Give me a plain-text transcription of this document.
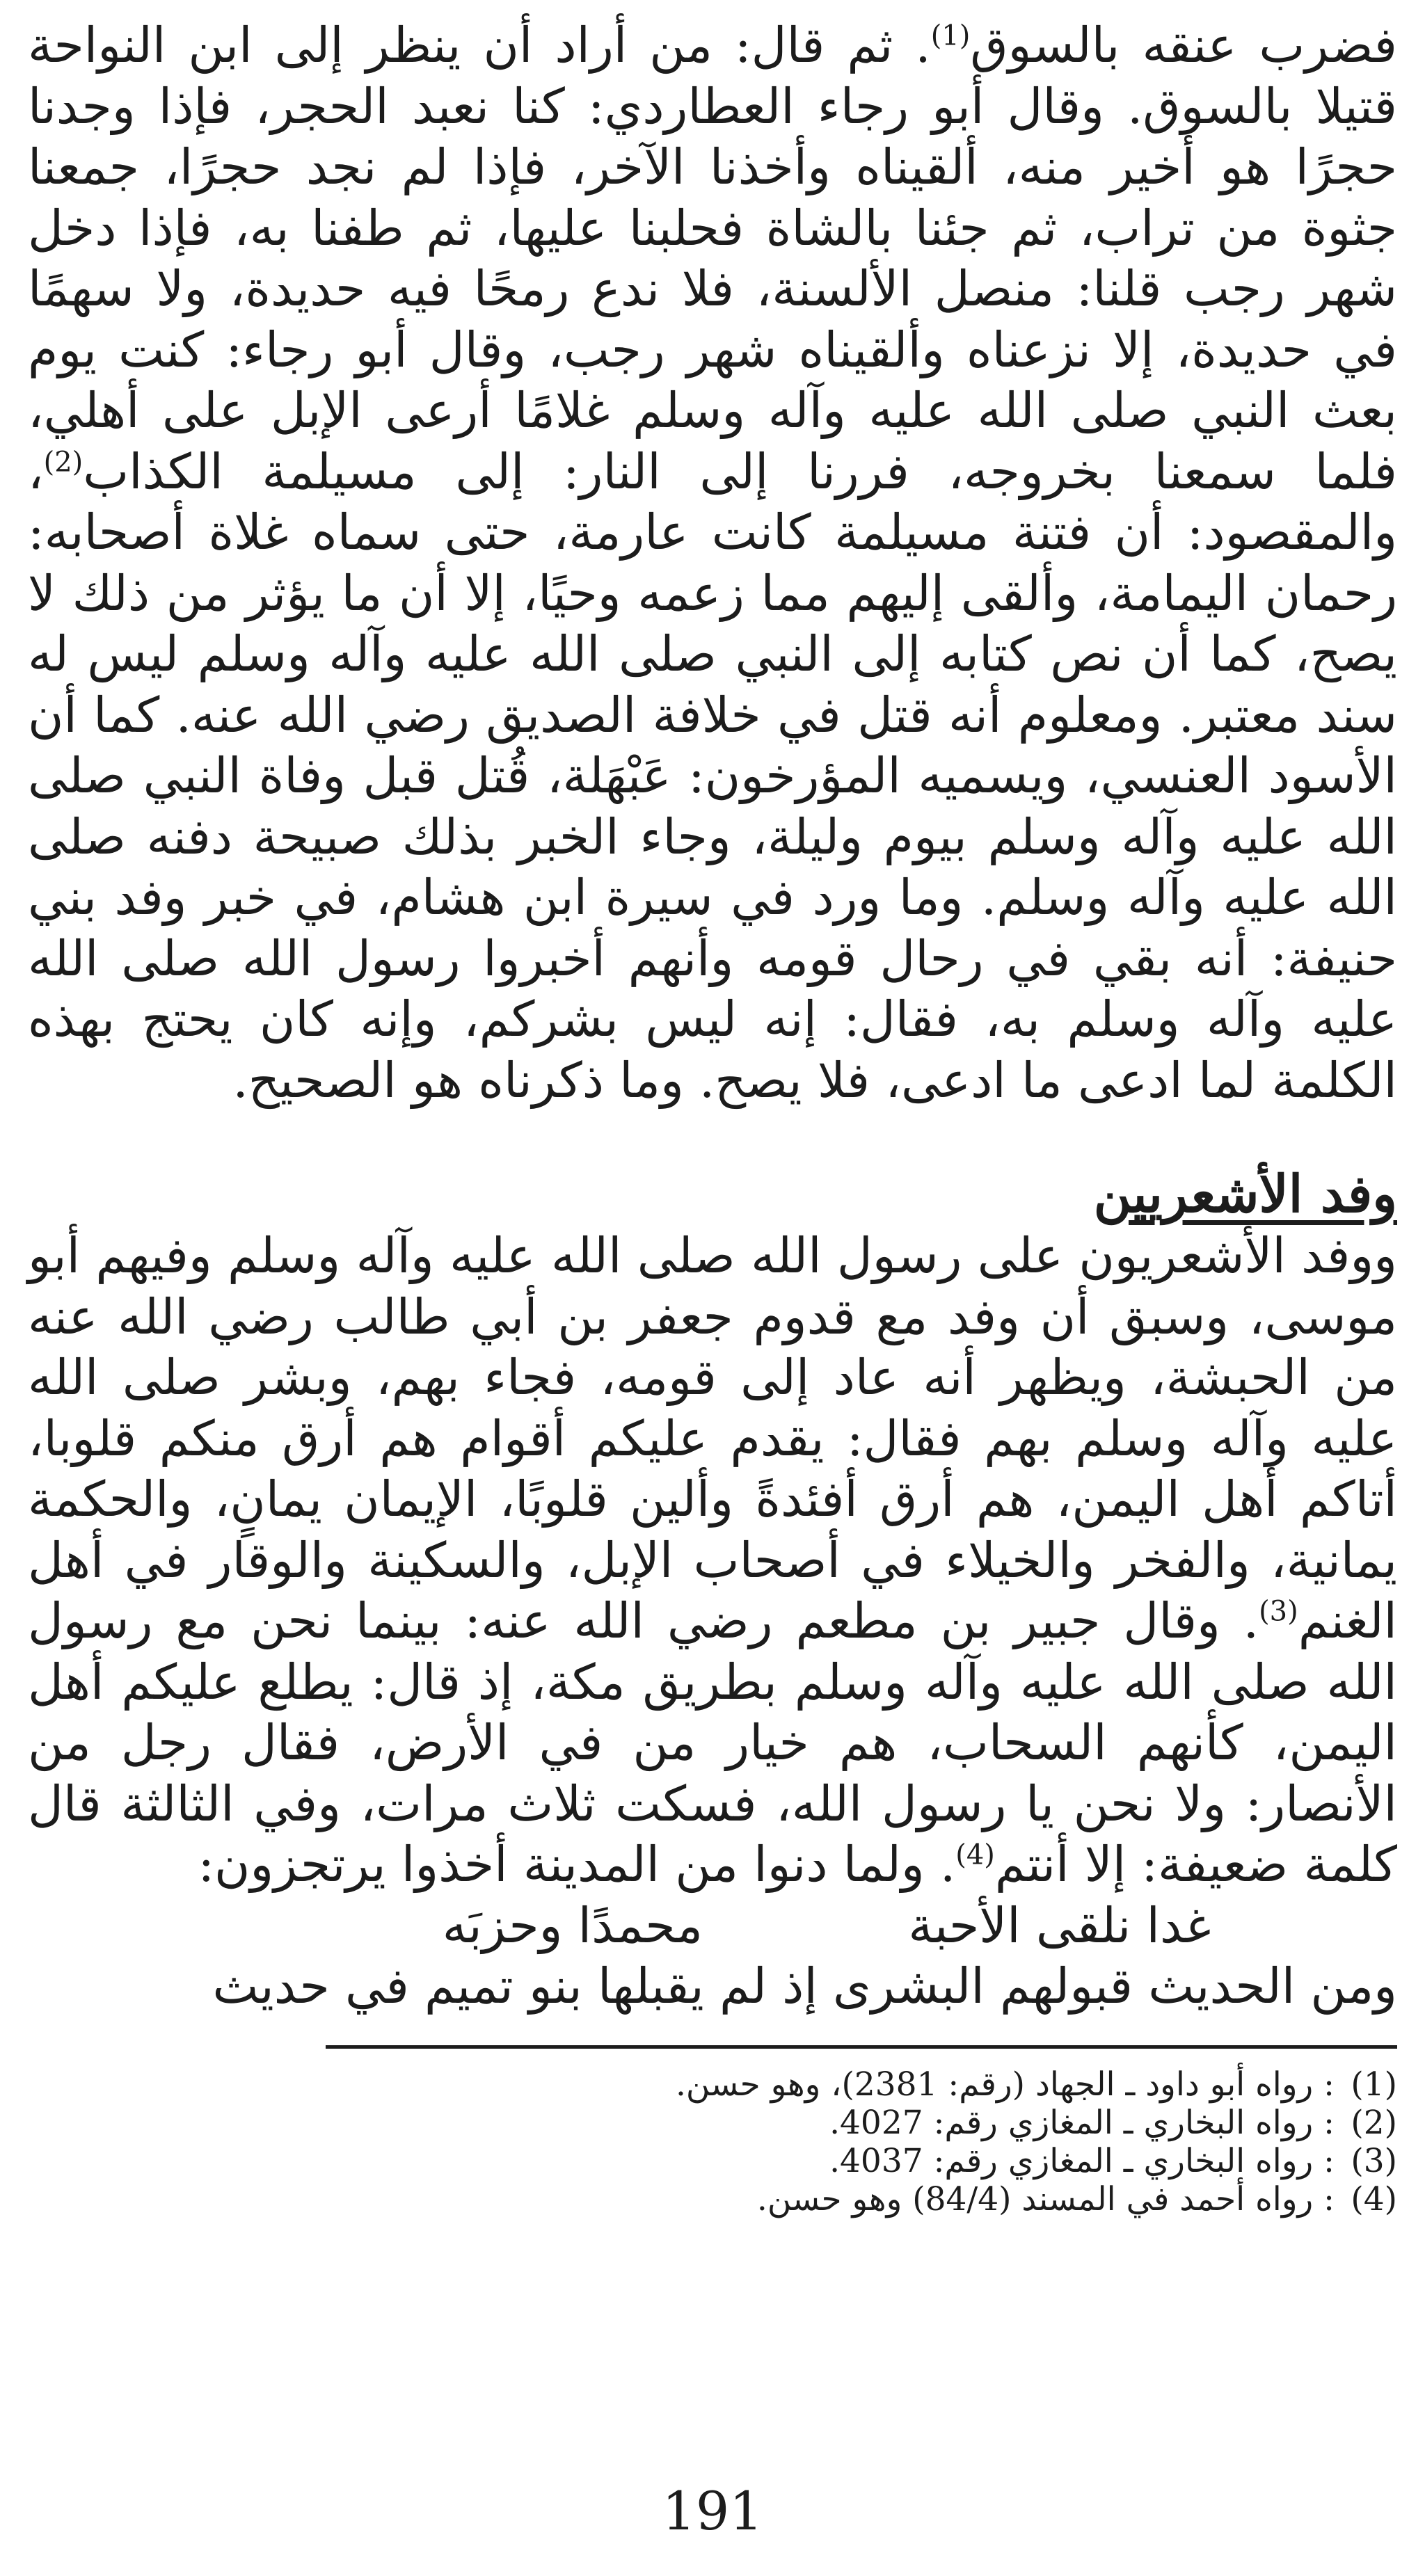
فضرب عنقه بالسوق$^{(1)}$. ثم قال: من أراد أن ينظر إلى ابن النواحة قتيلا بالسوق. وقال أبو رجاء العطاردي: كنا نعبد الحجر، فإذا وجدنا حجرًا هو أخير منه، ألقيناه وأخذنا الآخر، فإذا لم نجد حجرًا، جمعنا جثوة من تراب، ثم جئنا بالشاة فحلبنا عليها، ثم طفنا به، فإذا دخل شهر رجب قلنا: منصل الألسنة، فلا ندع رمحًا فيه حديدة، ولا سهمًا في حديدة، إلا نزعناه وألقيناه شهر رجب، وقال أبو رجاء: كنت يوم بعث النبي صلى الله عليه وآله وسلم غلامًا أرعى الإبل على أهلي، فلما سمعنا بخروجه، فررنا إلى النار: إلى مسيلمة الكذاب$^{(2)}$، والمقصود: أن فتنة مسيلمة كانت عارمة، حتى سماه غلاة أصحابه: رحمان اليمامة، وألقى إليهم مما زعمه وحيًا، إلا أن ما يؤثر من ذلك لا يصح، كما أن نص كتابه إلى النبي صلى الله عليه وآله وسلم ليس له سند معتبر. ومعلوم أنه قتل في خلافة الصديق رضي الله عنه. كما أن الأسود العنسي، ويسميه المؤرخون: عَبْهَلة، قُتل قبل وفاة النبي صلى الله عليه وآله وسلم بيوم وليلة، وجاء الخبر بذلك صبيحة دفنه صلى الله عليه وآله وسلم. وما ورد في سيرة ابن هشام، في خبر وفد بني حنيفة: أنه بقي في رحال قومه وأنهم أخبروا رسول الله صلى الله عليه وآله وسلم به، فقال: إنه ليس بشركم، وإنه كان يحتج بهذه الكلمة لما ادعى ما ادعى، فلا يصح. وما ذكرناه هو الصحيح.

وفد الأشعريين

ووفد الأشعريون على رسول الله صلى الله عليه وآله وسلم وفيهم أبو موسى، وسبق أن وفد مع قدوم جعفر بن أبي طالب رضي الله عنه من الحبشة، ويظهر أنه عاد إلى قومه، فجاء بهم، وبشر صلى الله عليه وآله وسلم بهم فقال: يقدم عليكم أقوام هم أرق منكم قلوبا، أتاكم أهل اليمن، هم أرق أفئدةً وألين قلوبًا، الإيمان يمانٍ، والحكمة يمانية، والفخر والخيلاء في أصحاب الإبل، والسكينة والوقار في أهل الغنم$^{(3)}$. وقال جبير بن مطعم رضي الله عنه: بينما نحن مع رسول الله صلى الله عليه وآله وسلم بطريق مكة، إذ قال: يطلع عليكم أهل اليمن، كأنهم السحاب، هم خيار من في الأرض، فقال رجل من الأنصار: ولا نحن يا رسول الله، فسكت ثلاث مرات، وفي الثالثة قال كلمة ضعيفة: إلا أنتم$^{(4)}$. ولما دنوا من المدينة أخذوا يرتجزون:

غدا نلقى الأحبة
محمدًا وحزبَه

ومن الحديث قبولهم البشرى إذ لم يقبلها بنو تميم في حديث

(1)
: رواه أبو داود ـ الجهاد (رقم: 2381)، وهو حسن.
(2)
: رواه البخاري ـ المغازي رقم: 4027.
(3)
: رواه البخاري ـ المغازي رقم: 4037.
(4)
: رواه أحمد في المسند (84/4) وهو حسن.
191
